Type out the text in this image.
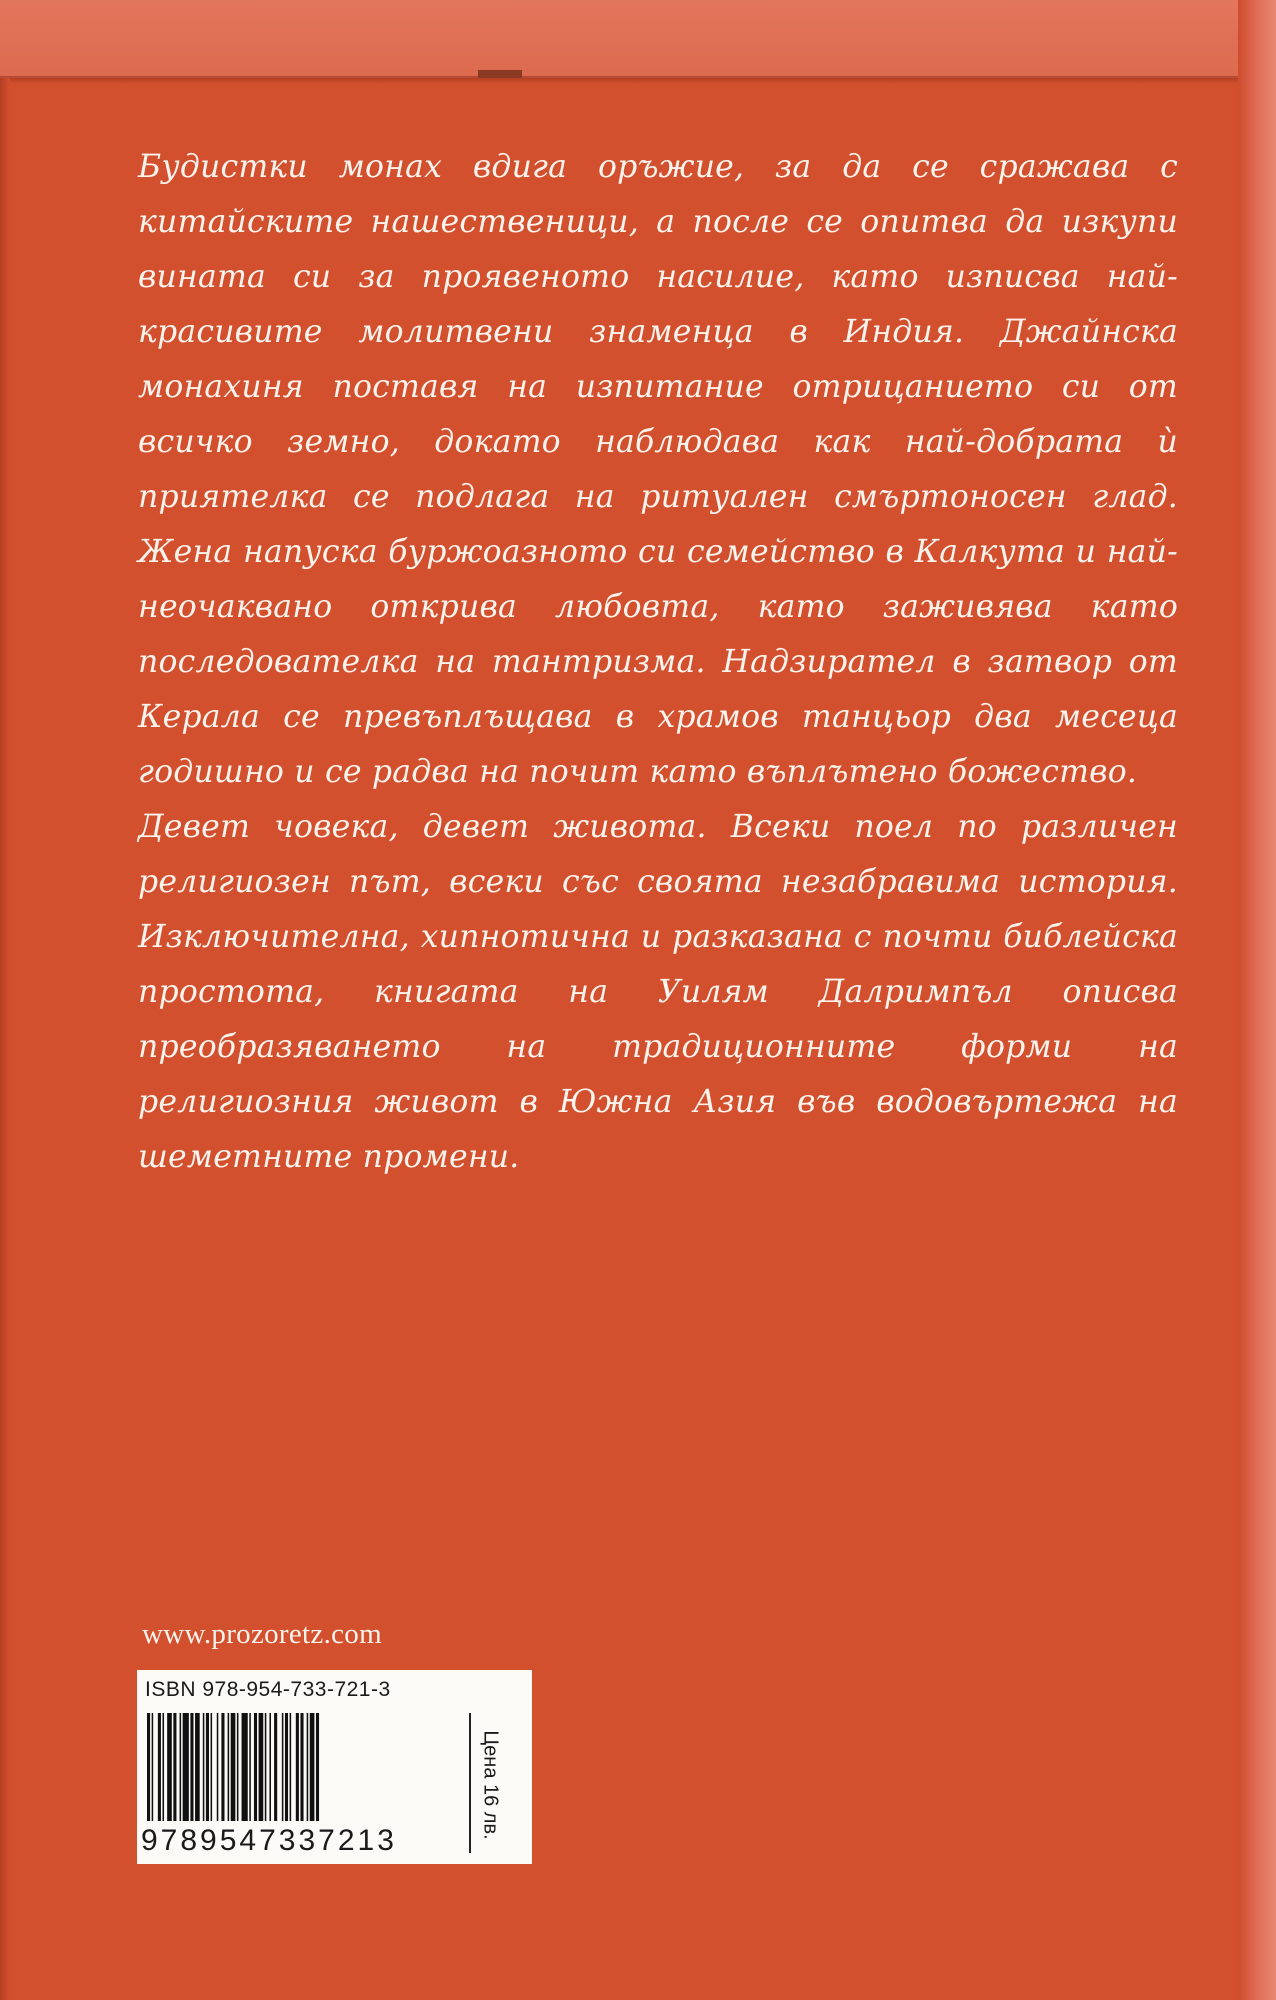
Будистки монах вдига оръжие, за да се сражава с китайските нашественици, а после се опитва да изкупи вината си за проявеното насилие, като изписва най-красивите молитвени знаменца в Индия. Джайнска монахиня поставя на изпитание отрицанието си от всичко земно, докато наблюдава как най-добрата ѝ приятелка се подлага на ритуален смъртоносен глад. Жена напуска буржоазното си семейство в Калкута и най-неочаквано открива любовта, като заживява като последователка на тантризма. Надзирател в затвор от Керала се превъплъщава в храмов танцьор два месеца годишно и се радва на почит като въплътено божество.

Девет човека, девет живота. Всеки поел по различен религиозен път, всеки със своята незабравима история. Изключителна, хипнотична и разказана с почти библейска простота, книгата на Уилям Далримпъл описва преобразяването на традиционните форми на религиозния живот в Южна Азия във водовъртежа на шеметните промени.

www.prozoretz.com
ISBN 978-954-733-721-3
9789547337213
Цена 16 лв.
